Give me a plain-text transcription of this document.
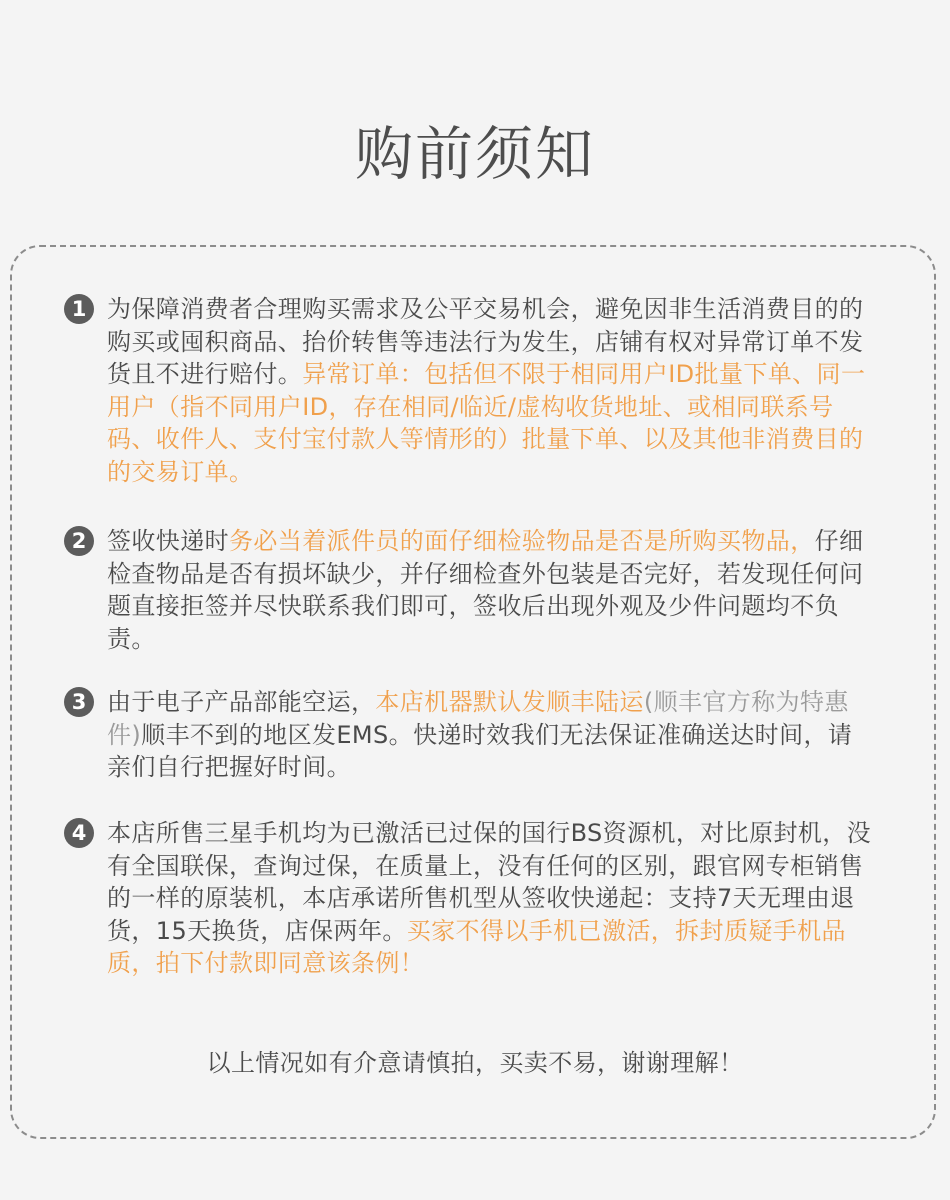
购前须知
1 为保障消费者合理购买需求及公平交易机会，避免因非生活消费目的的购买或囤积商品、抬价转售等违法行为发生，店铺有权对异常订单不发货且不进行赔付。异常订单：包括但不限于相同用户ID批量下单、同一用户（指不同用户ID，存在相同/临近/虚构收货地址、或相同联系号码、收件人、支付宝付款人等情形的）批量下单、以及其他非消费目的的交易订单。
2 签收快递时务必当着派件员的面仔细检验物品是否是所购买物品，仔细检查物品是否有损坏缺少，并仔细检查外包装是否完好，若发现任何问题直接拒签并尽快联系我们即可，签收后出现外观及少件问题均不负责。
3 由于电子产品部能空运，本店机器默认发顺丰陆运(顺丰官方称为特惠件)顺丰不到的地区发EMS。快递时效我们无法保证准确送达时间，请亲们自行把握好时间。
4 本店所售三星手机均为已激活已过保的国行BS资源机，对比原封机，没有全国联保，查询过保，在质量上，没有任何的区别，跟官网专柜销售的一样的原装机，本店承诺所售机型从签收快递起：支持7天无理由退货，15天换货，店保两年。买家不得以手机已激活，拆封质疑手机品质，拍下付款即同意该条例！
以上情况如有介意请慎拍，买卖不易，谢谢理解！
